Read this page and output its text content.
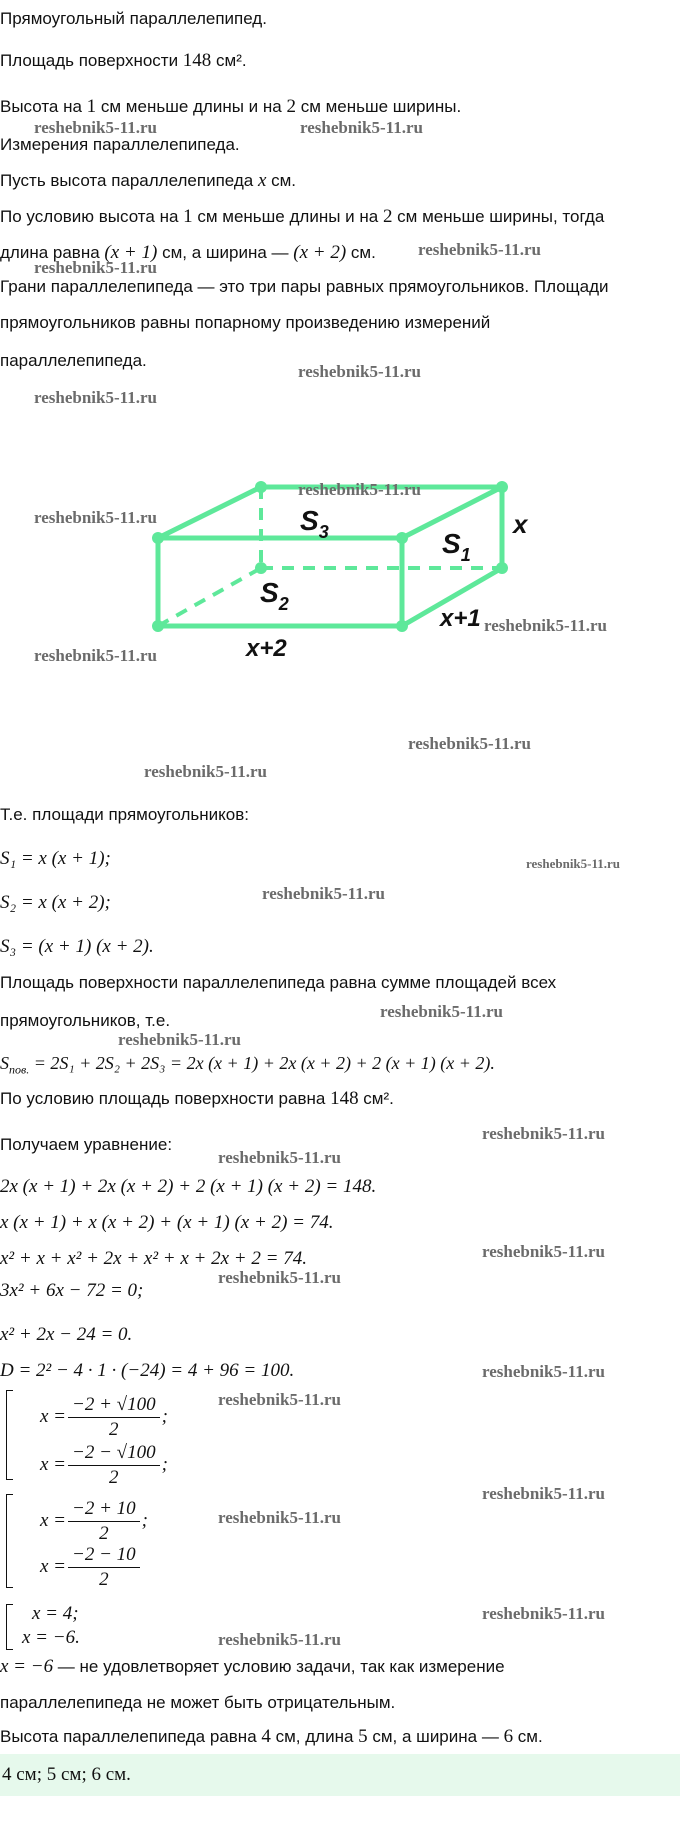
Прямоугольный параллелепипед.
Площадь поверхности 148 см².
Высота на 1 см меньше длины и на 2 см меньше ширины.
Измерения параллелепипеда.
Пусть высота параллелепипеда x см.
По условию высота на 1 см меньше длины и на 2 см меньше ширины, тогда
длина равна (x + 1) см, а ширина — (x + 2) см.
Грани параллелепипеда — это три пары равных прямоугольников. Площади
прямоугольников равны попарному произведению измерений
параллелепипеда.
$S_3$	$S_1$
$S_2$
x
x+1
x+2
Т.е. площади прямоугольников:
S₁ = x (x + 1);
S₂ = x (x + 2);
S₃ = (x + 1) (x + 2).
Площадь поверхности параллелепипеда равна сумме площадей всех
прямоугольников, т.е.
$S_{пов.} = 2S_1 + 2S_2 + 2S_3 = 2x$ (x + 1) + 2x (x + 2) + 2 (x + 1) (x + 2).
По условию площадь поверхности равна 148 см².
Получаем уравнение:
2x (x + 1) + 2x (x + 2) + 2 (x + 1) (x + 2) = 148.
x (x + 1) + x (x + 2) + (x + 1) (x + 2) = 74.
x² + x + x² + 2x + x² + x + 2x + 2 = 74.
3x² + 6x − 72 = 0;
x² + 2x − 24 = 0.
D = 2² − 4 · 1 · (−24) = 4 + 96 = 100.
$x = \frac{-2 + √100}{2}$ ;
$x = \frac{-2 - √100}{2}$ ;
$x = \frac{-2 + 10}{2}$ ;
$x = \frac{-2 - 10}{2}$
x = 4;
x = −6.
x = −6 — не удовлетворяет условию задачи, так как измерение
параллелепипеда не может быть отрицательным.
Высота параллелепипеда равна 4 см, длина 5 см, а ширина — 6 см.
4 см; 5 см; 6 см.
reshebnik5-11.ru	reshebnik5-11.ru
reshebnik5-11.ru
reshebnik5-11.ru
reshebnik5-11.ru
reshebnik5-11.ru
reshebnik5-11.ru
reshebnik5-11.ru
reshebnik5-11.ru
reshebnik5-11.ru
reshebnik5-11.ru
reshebnik5-11.ru
reshebnik5-11.ru
reshebnik5-11.ru
reshebnik5-11.ru
reshebnik5-11.ru
reshebnik5-11.ru
reshebnik5-11.ru
reshebnik5-11.ru
reshebnik5-11.ru
reshebnik5-11.ru
reshebnik5-11.ru
reshebnik5-11.ru
reshebnik5-11.ru
reshebnik5-11.ru
reshebnik5-11.ru
